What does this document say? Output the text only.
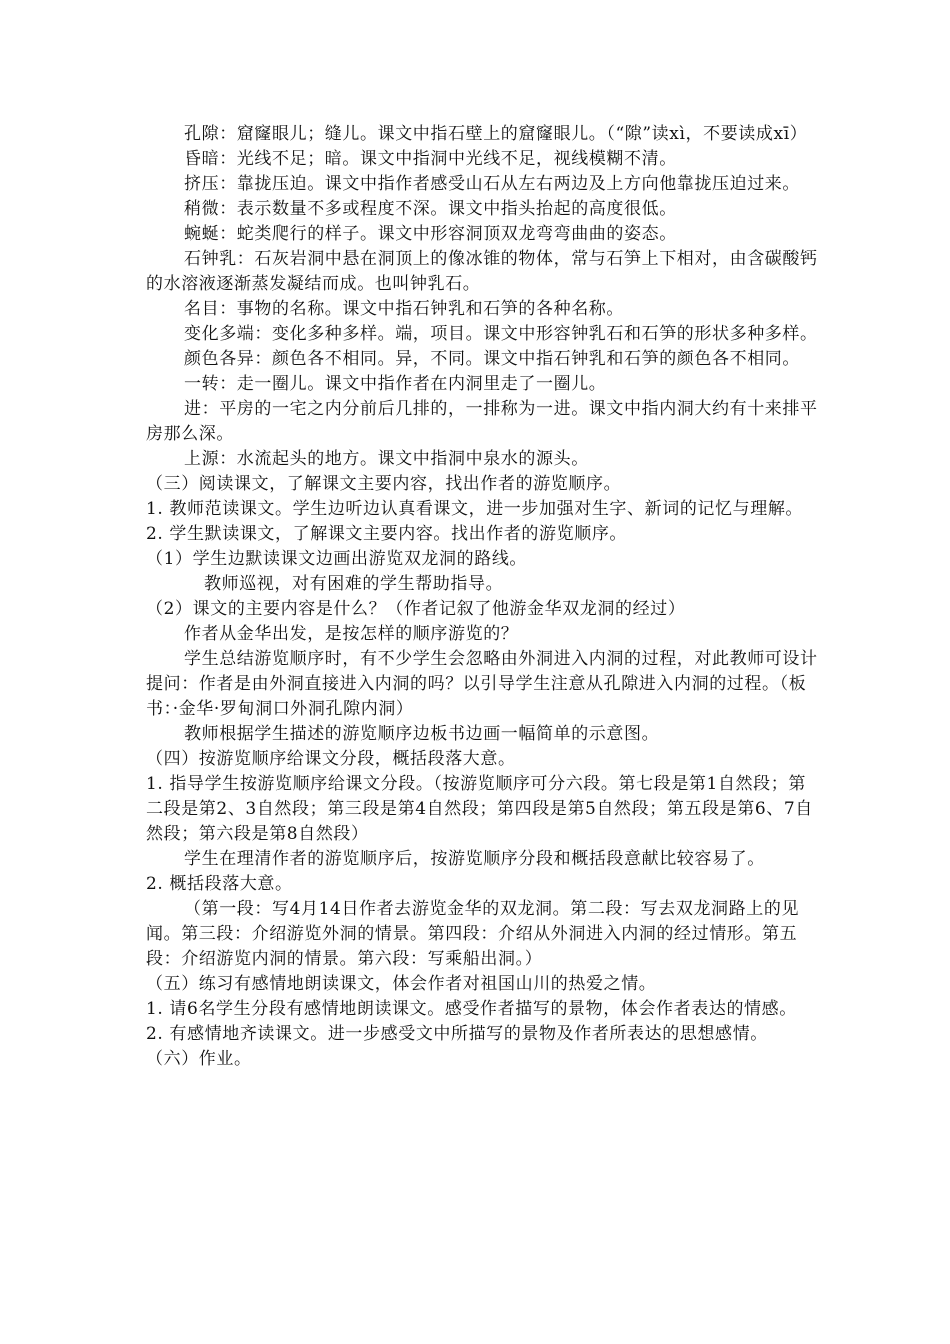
孔隙：窟窿眼儿；缝儿。课文中指石壁上的窟窿眼儿。（“隙”读xì，不要读成xī）
昏暗：光线不足；暗。课文中指洞中光线不足，视线模糊不清。
挤压：靠拢压迫。课文中指作者感受山石从左右两边及上方向他靠拢压迫过来。
稍微：表示数量不多或程度不深。课文中指头抬起的高度很低。
蜿蜒：蛇类爬行的样子。课文中形容洞顶双龙弯弯曲曲的姿态。
石钟乳：石灰岩洞中悬在洞顶上的像冰锥的物体，常与石笋上下相对，由含碳酸钙的水溶液逐渐蒸发凝结而成。也叫钟乳石。
名目：事物的名称。课文中指石钟乳和石笋的各种名称。
变化多端：变化多种多样。端，项目。课文中形容钟乳石和石笋的形状多种多样。
颜色各异：颜色各不相同。异，不同。课文中指石钟乳和石笋的颜色各不相同。
一转：走一圈儿。课文中指作者在内洞里走了一圈儿。
进：平房的一宅之内分前后几排的，一排称为一进。课文中指内洞大约有十来排平房那么深。
上源：水流起头的地方。课文中指洞中泉水的源头。
（三）阅读课文，了解课文主要内容，找出作者的游览顺序。
1. 教师范读课文。学生边听边认真看课文，进一步加强对生字、新词的记忆与理解。
2. 学生默读课文，了解课文主要内容。找出作者的游览顺序。
（1）学生边默读课文边画出游览双龙洞的路线。
教师巡视，对有困难的学生帮助指导。
（2）课文的主要内容是什么？（作者记叙了他游金华双龙洞的经过）
作者从金华出发，是按怎样的顺序游览的？
学生总结游览顺序时，有不少学生会忽略由外洞进入内洞的过程，对此教师可设计提问：作者是由外洞直接进入内洞的吗？以引导学生注意从孔隙进入内洞的过程。（板书：·金华·罗甸洞口外洞孔隙内洞）
教师根据学生描述的游览顺序边板书边画一幅简单的示意图。
（四）按游览顺序给课文分段，概括段落大意。
1. 指导学生按游览顺序给课文分段。（按游览顺序可分六段。第七段是第1自然段；第二段是第2、3自然段；第三段是第4自然段；第四段是第5自然段；第五段是第6、7自然段；第六段是第8自然段）
学生在理清作者的游览顺序后，按游览顺序分段和概括段意献比较容易了。
2. 概括段落大意。
（第一段：写4月14日作者去游览金华的双龙洞。第二段：写去双龙洞路上的见闻。第三段：介绍游览外洞的情景。第四段：介绍从外洞进入内洞的经过情形。第五段：介绍游览内洞的情景。第六段：写乘船出洞。）
（五）练习有感情地朗读课文，体会作者对祖国山川的热爱之情。
1. 请6名学生分段有感情地朗读课文。感受作者描写的景物，体会作者表达的情感。
2. 有感情地齐读课文。进一步感受文中所描写的景物及作者所表达的思想感情。
（六）作业。
